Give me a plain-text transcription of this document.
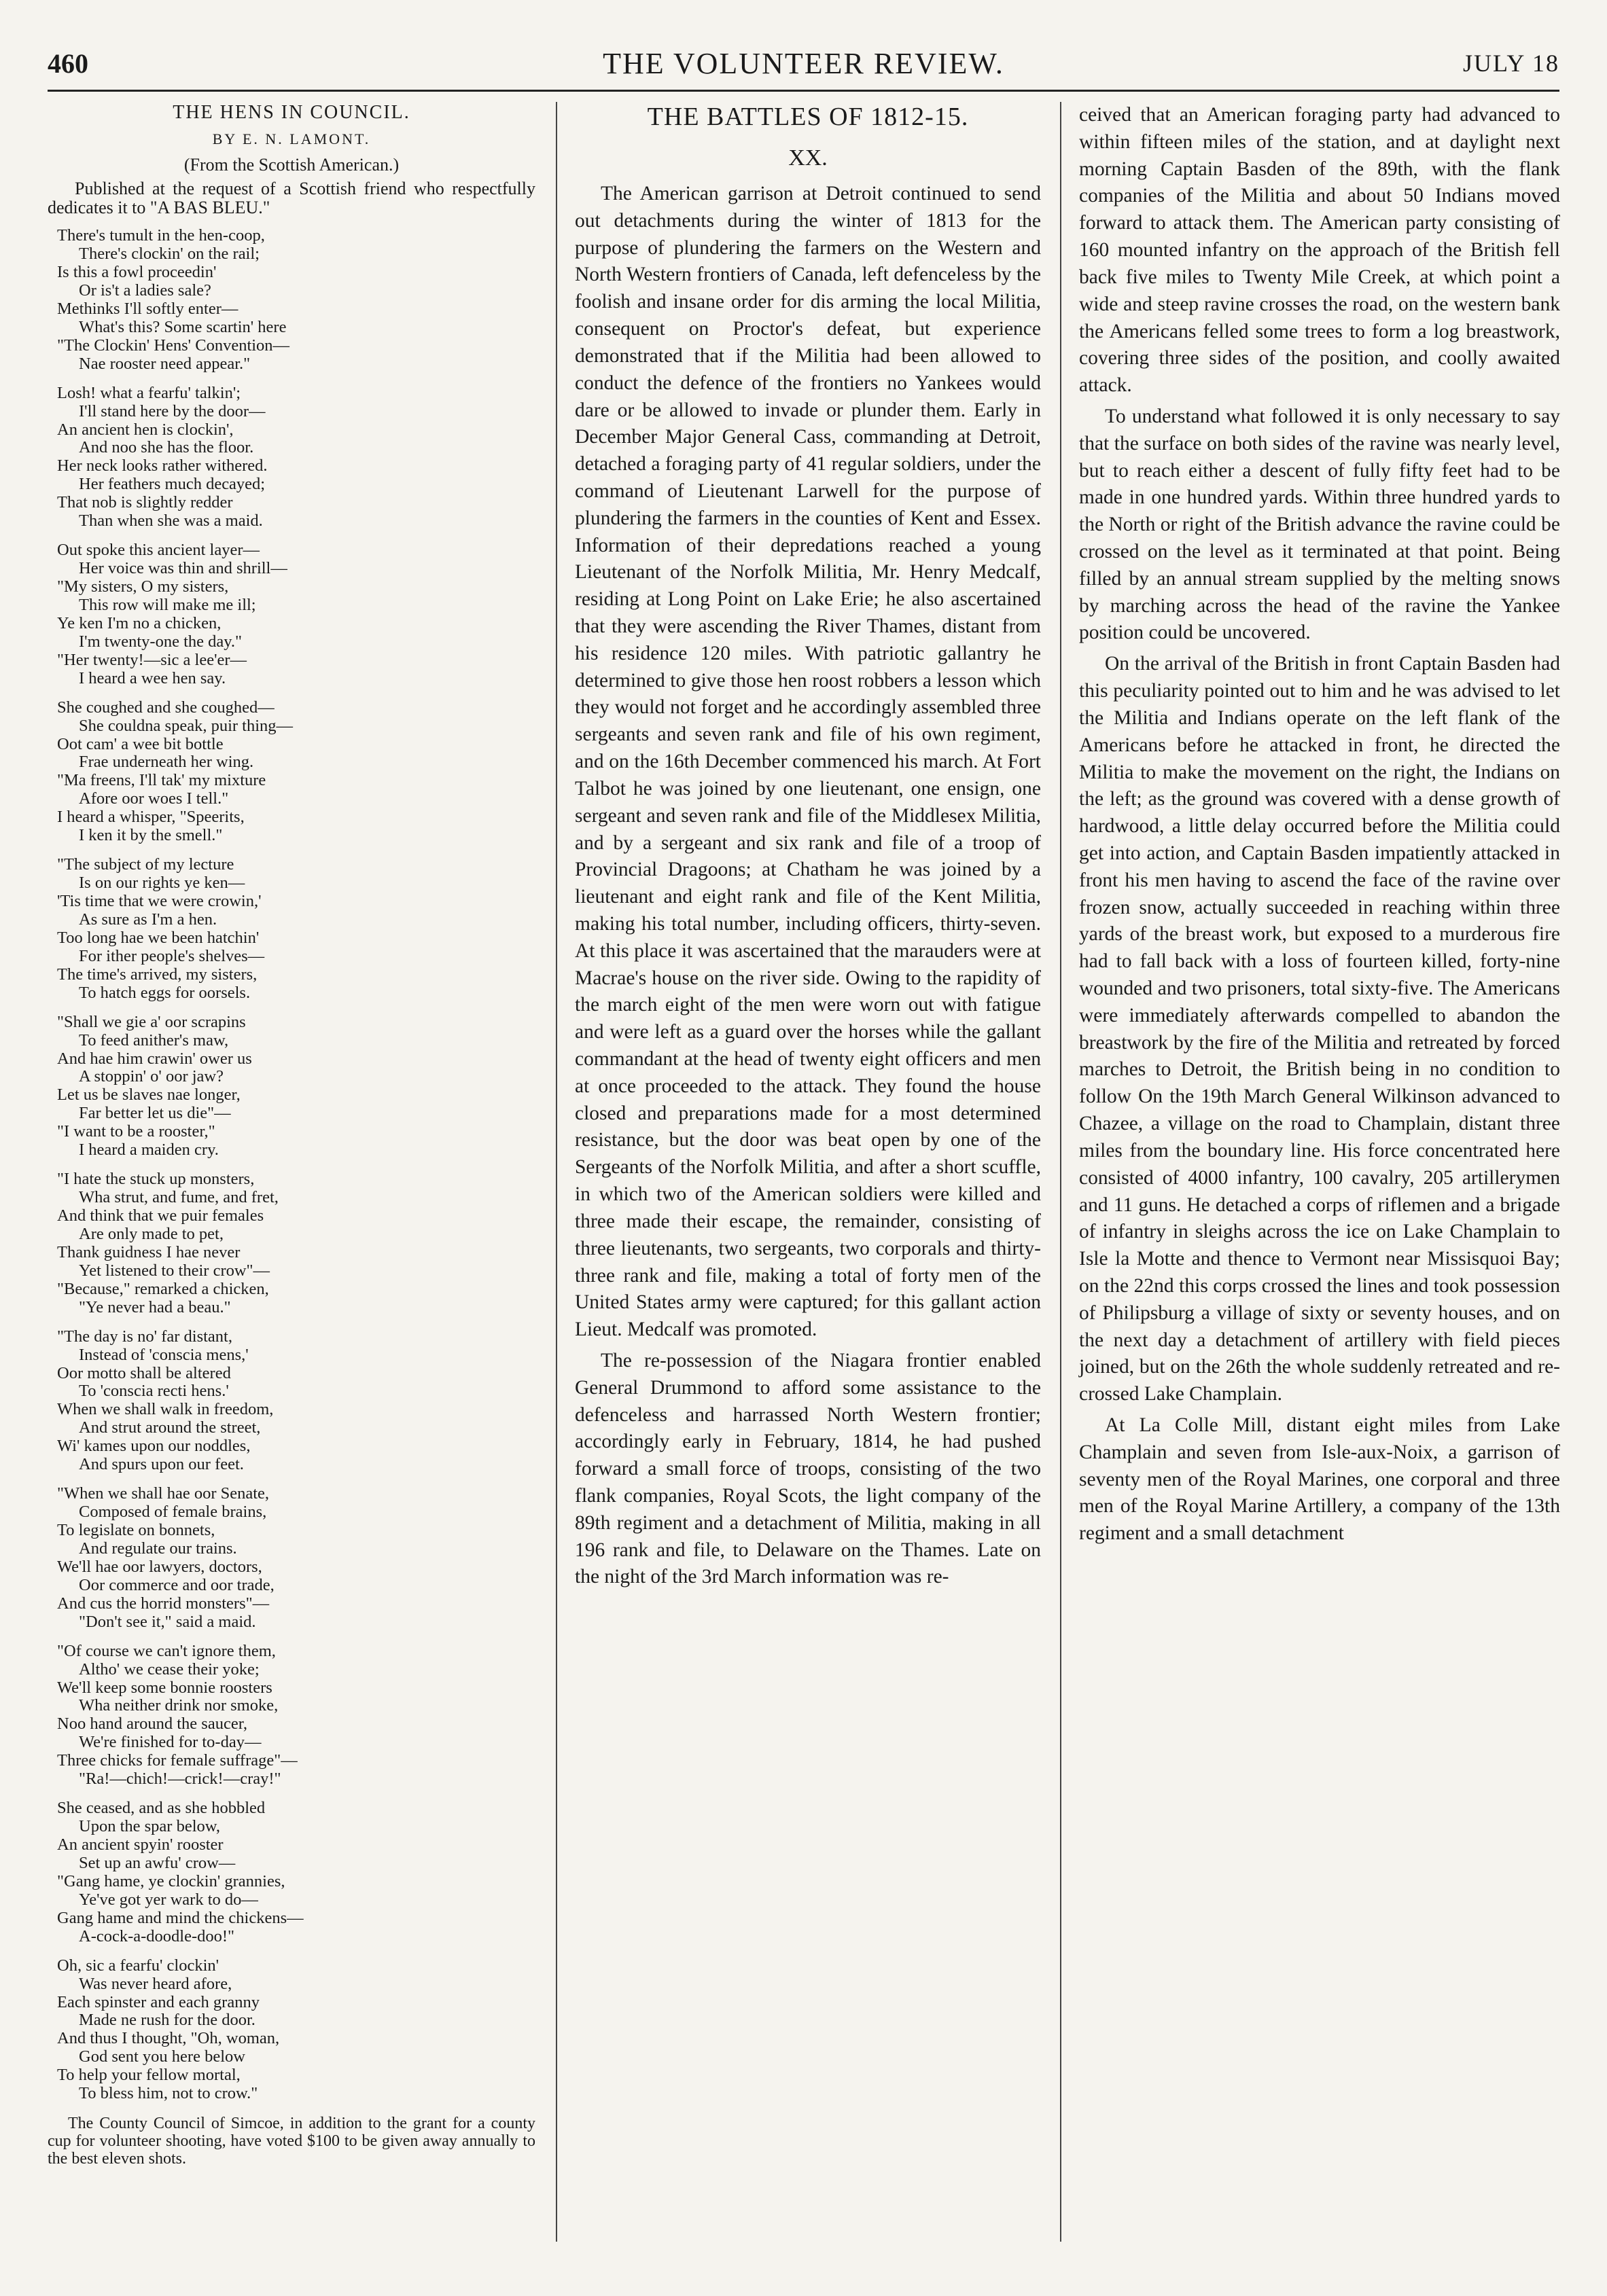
460	THE VOLUNTEER REVIEW.	JULY 18
THE HENS IN COUNCIL.
BY E. N. LAMONT.
(From the Scottish American.)
Published at the request of a Scottish friend who respectfully dedicates it to "A BAS BLEU."
There's tumult in the hen-coop,
There's clockin' on the rail;
Is this a fowl proceedin'
Or is't a ladies sale?
Methinks I'll softly enter—
What's this? Some scartin' here
"The Clockin' Hens' Convention—
Nae rooster need appear."
Losh! what a fearfu' talkin';
I'll stand here by the door—
An ancient hen is clockin',
And noo she has the floor.
Her neck looks rather withered.
Her feathers much decayed;
That nob is slightly redder
Than when she was a maid.
Out spoke this ancient layer—
Her voice was thin and shrill—
"My sisters, O my sisters,
This row will make me ill;
Ye ken I'm no a chicken,
I'm twenty-one the day."
"Her twenty!—sic a lee'er—
I heard a wee hen say.
She coughed and she coughed—
She couldna speak, puir thing—
Oot cam' a wee bit bottle
Frae underneath her wing.
"Ma freens, I'll tak' my mixture
Afore oor woes I tell."
I heard a whisper, "Speerits,
I ken it by the smell."
"The subject of my lecture
Is on our rights ye ken—
'Tis time that we were crowin,'
As sure as I'm a hen.
Too long hae we been hatchin'
For ither people's shelves—
The time's arrived, my sisters,
To hatch eggs for oorsels.
"Shall we gie a' oor scrapins
To feed anither's maw,
And hae him crawin' ower us
A stoppin' o' oor jaw?
Let us be slaves nae longer,
Far better let us die"—
"I want to be a rooster,"
I heard a maiden cry.
"I hate the stuck up monsters,
Wha strut, and fume, and fret,
And think that we puir females
Are only made to pet,
Thank guidness I hae never
Yet listened to their crow"—
"Because," remarked a chicken,
"Ye never had a beau."
"The day is no' far distant,
Instead of 'conscia mens,'
Oor motto shall be altered
To 'conscia recti hens.'
When we shall walk in freedom,
And strut around the street,
Wi' kames upon our noddles,
And spurs upon our feet.
"When we shall hae oor Senate,
Composed of female brains,
To legislate on bonnets,
And regulate our trains.
We'll hae oor lawyers, doctors,
Oor commerce and oor trade,
And cus the horrid monsters"—
"Don't see it," said a maid.
"Of course we can't ignore them,
Altho' we cease their yoke;
We'll keep some bonnie roosters
Wha neither drink nor smoke,
Noo hand around the saucer,
We're finished for to-day—
Three chicks for female suffrage"—
"Ra!—chich!—crick!—cray!"
She ceased, and as she hobbled
Upon the spar below,
An ancient spyin' rooster
Set up an awfu' crow—
"Gang hame, ye clockin' grannies,
Ye've got yer wark to do—
Gang hame and mind the chickens—
A-cock-a-doodle-doo!"
Oh, sic a fearfu' clockin'
Was never heard afore,
Each spinster and each granny
Made ne rush for the door.
And thus I thought, "Oh, woman,
God sent you here below
To help your fellow mortal,
To bless him, not to crow."
The County Council of Simcoe, in addition to the grant for a county cup for volunteer shooting, have voted $100 to be given away annually to the best eleven shots.
THE BATTLES OF 1812-15.
XX.

The American garrison at Detroit continued to send out detachments during the winter of 1813 for the purpose of plundering the farmers on the Western and North Western frontiers of Canada, left defenceless by the foolish and insane order for dis arming the local Militia, consequent on Proctor's defeat, but experience demonstrated that if the Militia had been allowed to conduct the defence of the frontiers no Yankees would dare or be allowed to invade or plunder them. Early in December Major General Cass, commanding at Detroit, detached a foraging party of 41 regular soldiers, under the command of Lieutenant Larwell for the purpose of plundering the farmers in the counties of Kent and Essex. Information of their depredations reached a young Lieutenant of the Norfolk Militia, Mr. Henry Medcalf, residing at Long Point on Lake Erie; he also ascertained that they were ascending the River Thames, distant from his residence 120 miles. With patriotic gallantry he determined to give those hen roost robbers a lesson which they would not forget and he accordingly assembled three sergeants and seven rank and file of his own regiment, and on the 16th December commenced his march. At Fort Talbot he was joined by one lieutenant, one ensign, one sergeant and seven rank and file of the Middlesex Militia, and by a sergeant and six rank and file of a troop of Provincial Dragoons; at Chatham he was joined by a lieutenant and eight rank and file of the Kent Militia, making his total number, including officers, thirty-seven. At this place it was ascertained that the marauders were at Macrae's house on the river side. Owing to the rapidity of the march eight of the men were worn out with fatigue and were left as a guard over the horses while the gallant commandant at the head of twenty eight officers and men at once proceeded to the attack. They found the house closed and preparations made for a most determined resistance, but the door was beat open by one of the Sergeants of the Norfolk Militia, and after a short scuffle, in which two of the American soldiers were killed and three made their escape, the remainder, consisting of three lieutenants, two sergeants, two corporals and thirty-three rank and file, making a total of forty men of the United States army were captured; for this gallant action Lieut. Medcalf was promoted.

The re-possession of the Niagara frontier enabled General Drummond to afford some assistance to the defenceless and harrassed North Western frontier; accordingly early in February, 1814, he had pushed forward a small force of troops, consisting of the two flank companies, Royal Scots, the light company of the 89th regiment and a detachment of Militia, making in all 196 rank and file, to Delaware on the Thames. Late on the night of the 3rd March information was re-

ceived that an American foraging party had advanced to within fifteen miles of the station, and at daylight next morning Captain Basden of the 89th, with the flank companies of the Militia and about 50 Indians moved forward to attack them. The American party consisting of 160 mounted infantry on the approach of the British fell back five miles to Twenty Mile Creek, at which point a wide and steep ravine crosses the road, on the western bank the Americans felled some trees to form a log breastwork, covering three sides of the position, and coolly awaited attack.

To understand what followed it is only necessary to say that the surface on both sides of the ravine was nearly level, but to reach either a descent of fully fifty feet had to be made in one hundred yards. Within three hundred yards to the North or right of the British advance the ravine could be crossed on the level as it terminated at that point. Being filled by an annual stream supplied by the melting snows by marching across the head of the ravine the Yankee position could be uncovered.

On the arrival of the British in front Captain Basden had this peculiarity pointed out to him and he was advised to let the Militia and Indians operate on the left flank of the Americans before he attacked in front, he directed the Militia to make the movement on the right, the Indians on the left; as the ground was covered with a dense growth of hardwood, a little delay occurred before the Militia could get into action, and Captain Basden impatiently attacked in front his men having to ascend the face of the ravine over frozen snow, actually succeeded in reaching within three yards of the breast work, but exposed to a murderous fire had to fall back with a loss of fourteen killed, forty-nine wounded and two prisoners, total sixty-five. The Americans were immediately afterwards compelled to abandon the breastwork by the fire of the Militia and retreated by forced marches to Detroit, the British being in no condition to follow On the 19th March General Wilkinson advanced to Chazee, a village on the road to Champlain, distant three miles from the boundary line. His force concentrated here consisted of 4000 infantry, 100 cavalry, 205 artillerymen and 11 guns. He detached a corps of riflemen and a brigade of infantry in sleighs across the ice on Lake Champlain to Isle la Motte and thence to Vermont near Missisquoi Bay; on the 22nd this corps crossed the lines and took possession of Philipsburg a village of sixty or seventy houses, and on the next day a detachment of artillery with field pieces joined, but on the 26th the whole suddenly retreated and re-crossed Lake Champlain.

At La Colle Mill, distant eight miles from Lake Champlain and seven from Isle-aux-Noix, a garrison of seventy men of the Royal Marines, one corporal and three men of the Royal Marine Artillery, a company of the 13th regiment and a small detachment
